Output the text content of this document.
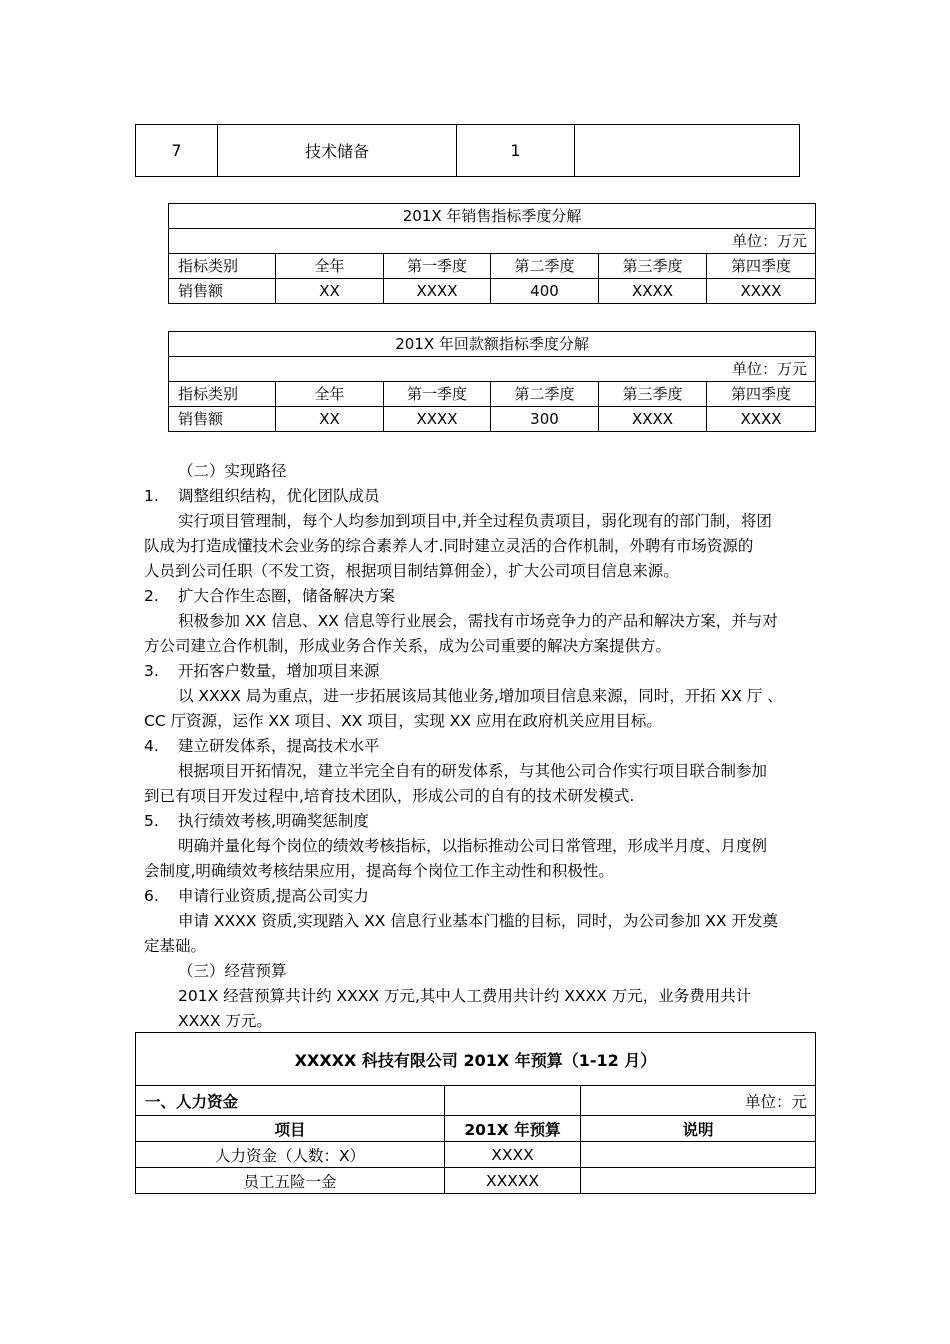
7	技术储备	1	
201X 年销售指标季度分解					
单位：万元					
指标类别	全年	第一季度	第二季度	第三季度	第四季度
销售额	XX	XXXX	400	XXXX	XXXX
201X 年回款额指标季度分解					
单位：万元					
指标类别	全年	第一季度	第二季度	第三季度	第四季度
销售额	XX	XXXX	300	XXXX	XXXX
（二）实现路径
1. 调整组织结构，优化团队成员
实行项目管理制，每个人均参加到项目中,并全过程负责项目，弱化现有的部门制，将团
队成为打造成懂技术会业务的综合素养人才.同时建立灵活的合作机制，外聘有市场资源的
人员到公司任职（不发工资，根据项目制结算佣金），扩大公司项目信息来源。
2. 扩大合作生态圈，储备解决方案
积极参加 XX 信息、XX 信息等行业展会，需找有市场竞争力的产品和解决方案，并与对
方公司建立合作机制，形成业务合作关系，成为公司重要的解决方案提供方。
3. 开拓客户数量，增加项目来源
以 XXXX 局为重点，进一步拓展该局其他业务,增加项目信息来源，同时，开拓 XX 厅 、
CC 厅资源，运作 XX 项目、XX 项目，实现 XX 应用在政府机关应用目标。
4. 建立研发体系，提高技术水平
根据项目开拓情况，建立半完全自有的研发体系，与其他公司合作实行项目联合制参加
到已有项目开发过程中,培育技术团队，形成公司的自有的技术研发模式.
5. 执行绩效考核,明确奖惩制度
明确并量化每个岗位的绩效考核指标，以指标推动公司日常管理，形成半月度、月度例
会制度,明确绩效考核结果应用，提高每个岗位工作主动性和积极性。
6. 申请行业资质,提高公司实力
申请 XXXX 资质,实现踏入 XX 信息行业基本门槛的目标，同时，为公司参加 XX 开发奠
定基础。
（三）经营预算
201X 经营预算共计约 XXXX 万元,其中人工费用共计约 XXXX 万元，业务费用共计
XXXX 万元。
XXXXX 科技有限公司 201X 年预算（1-12 月）		
一、人力资金		单位：元
项目	201X 年预算	说明
人力资金（人数：X）	XXXX	
员工五险一金	XXXXX	
